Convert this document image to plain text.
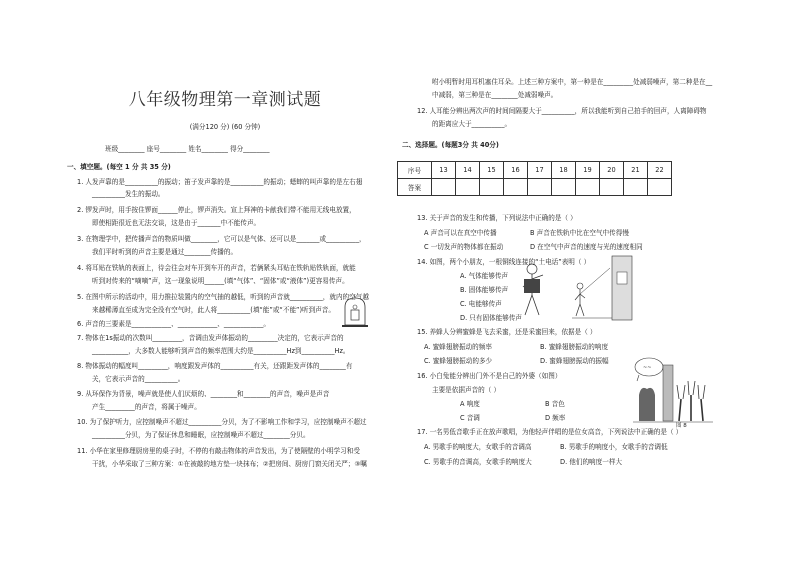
八年级物理第一章测试题
(满分120 分) (60 分钟)
班级________ 座号________ 姓名________ 得分________
一、填空题。(每空 1 分 共 35 分)
1. 人发声靠的是__________的振动；笛子发声靠的是__________的振动；蟋蟀的叫声靠的是左右翅
__________发生的振动。
2. 锣发声时，用手按住锣面______停止，锣声消失。宣上拜神的卡献我们带不能用无线电放置，
即使相距很近也无法交谈，这是由于_______中不能传声。
3. 在物理学中，把传播声音的物质叫做________，它可以是气体、还可以是_______或__________，
我们平时听到的声音主要是通过________传播的。
4. 将耳贴在铁轨的表面上，待会往会对车开到车开的声音，若俩紧头耳贴在铁轨贴铁轨面，就能
听到对传来的“嘀嘀”声，这一现象说明______(填“气体”、“固体”或“液体”)更容易传声。
5. 在图中所示的活动中，用力推拉装置内的空气抽的越低，听到的声音就__________，就内的空气越
来越稀薄直至成为完全没有空气时，此人将__________(填“能”或“不能”)听到声音。
6. 声音的三要素是____________、____________、____________。
7. 物体在1s振动的次数叫_________，音调由发声体振动的_________决定的，它表示声音的
___________，大多数人能够听到声音的频率范围大约是__________Hz到__________Hz。
8. 物体振动的幅度叫_________，响度跟发声体的__________有关，还跟距发声体的________有
关，它表示声音的__________。
9. 从环保作为背景，噪声就是使人们厌烦的、________和________的声音，噪声是声音
产生_________的声音，将属于噪声。
10. 为了保护听力，应控制噪声不超过__________分贝，为了不影响工作和学习，应控制噪声不超过
__________分贝，为了保证休息和睡眠，应控制噪声不超过________分贝。
11. 小华在家里修理厨房里的桌子时，不停的有敲击物体的声音发出，为了使隔壁的小明学习和受
干扰，小华采取了三种方案：①在被敲的地方垫一块抹布；②把房间、厨房门窗关闭关严；③嘱
咐小明暂时用耳机塞住耳朵。上述三种方案中，第一种是在_________处减弱噪声，第二种是在__
中减弱，第三种是在________处减弱噪声。
12. 人耳能分辨出两次声的时间间隔要大于__________，所以我能听到自己拍手的回声，人离障碍物
的距离应大于__________。
二、选择题。(每题3分 共 40分)
序号	13	14	15	16	17	18	19	20	21	22
答案										
13. 关于声音的发生和传播，下列说法中正确的是（ ）
A 声音可以在真空中传播	B 声音在铁轨中比在空气中传得慢
C 一切发声的物体都在振动	D 在空气中声音的速度与光的速度相同
14. 如图，两个小朋友，一根铜线连接的“土电话”表明（ ）
A. 气体能够传声
B. 固体能够传声
C. 电能够传声
D. 只有固体能够传声
15. 养蜂人分辨蜜蜂是飞去采蜜，还是采蜜回来，依据是（ ）
A. 蜜蜂翅膀振动的频率	B. 蜜蜂翅膀振动的响度
C. 蜜蜂翅膀振动的多少	D. 蜜蜂翅膀振动的振幅
16. 小白兔能分辨出门外不是自己的外婆（如图）
主要是依据声音的（ ）
A 响度	B 音色
C 音调	D 频率
17. 一名男低音歌手正在放声歌唱，为他轻声伴唱的是位女高音，下列说法中正确的是（ ）
A. 男歌手的响度大，女歌手的音调高	B. 男歌手的响度小，女歌手的音调低
C. 男歌手的音调高，女歌手的响度大	D. 他们的响度一样大
~~
图 8
